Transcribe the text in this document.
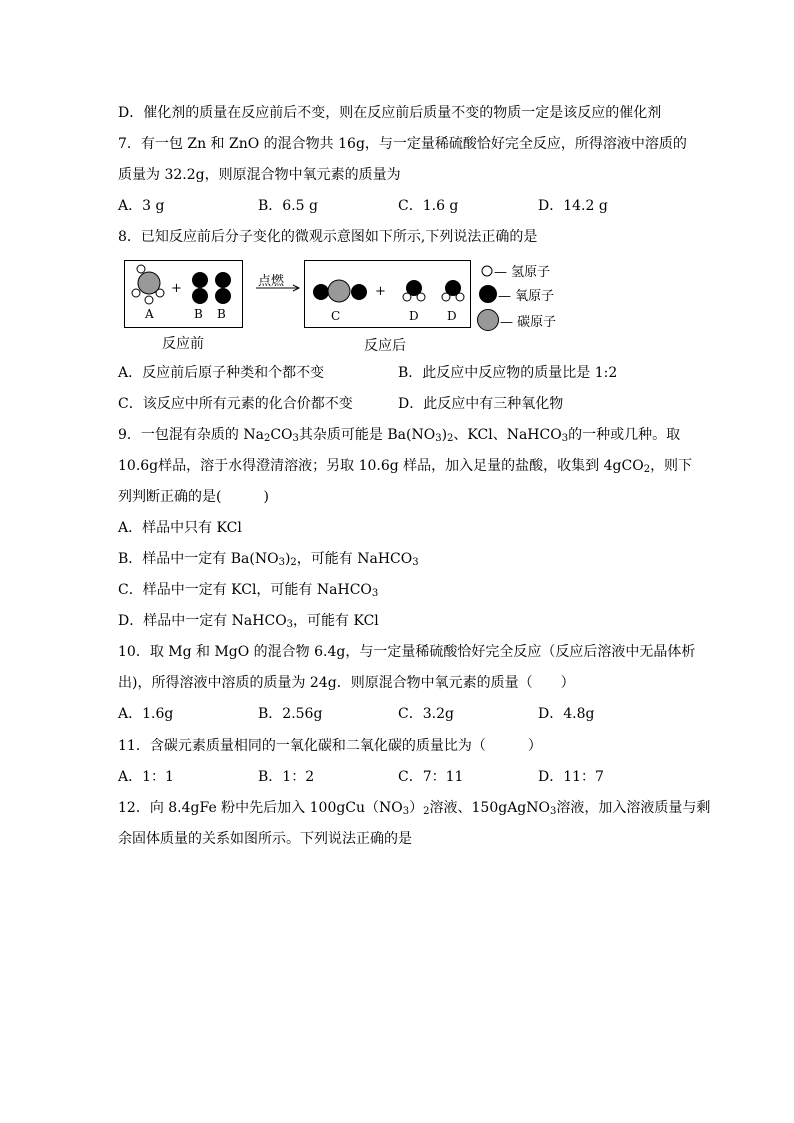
D．催化剂的质量在反应前后不变，则在反应前后质量不变的物质一定是该反应的催化剂
7．有一包 Zn 和 ZnO 的混合物共 16g，与一定量稀硫酸恰好完全反应，所得溶液中溶质的
质量为 32.2g，则原混合物中氧元素的质量为
A．3 g	B．6.5 g	C．1.6 g	D．14.2 g
8．已知反应前后分子变化的微观示意图如下所示,下列说法正确的是
+
A	B B
点燃
+
C	D D
反应前	反应后
— 氢原子
— 氧原子
— 碳原子
A．反应前后原子种类和个都不变	B．此反应中反应物的质量比是 1:2
C．该反应中所有元素的化合价都不变	D．此反应中有三种氧化物
9．一包混有杂质的 $Na_2CO_3$其杂质可能是 $Ba(NO_3)_2$、KCl、NaHCO$_3$的一种或几种。取
10.6g样品，溶于水得澄清溶液；另取 10.6g 样品，加入足量的盐酸，收集到 4gCO$_2$，则下
列判断正确的是(　　　)
A．样品中只有 KCl
B．样品中一定有 $Ba(NO_3)_2$，可能有 NaHCO$_3$
C．样品中一定有 KCl，可能有 NaHCO$_3$
D．样品中一定有 NaHCO$_3$，可能有 KCl
10．取 Mg 和 MgO 的混合物 6.4g，与一定量稀硫酸恰好完全反应（反应后溶液中无晶体析
出)，所得溶液中溶质的质量为 24g．则原混合物中氧元素的质量（　　）
A．1.6g	B．2.56g	C．3.2g	D．4.8g
11．含碳元素质量相同的一氧化碳和二氧化碳的质量比为（　　　）
A．1：1	B．1：2	C．7：11	D．11：7
12．向 8.4gFe 粉中先后加入 $100gCu(NO_3)_2$溶液、150gAgNO$_3$溶液，加入溶液质量与剩
余固体质量的关系如图所示。下列说法正确的是
